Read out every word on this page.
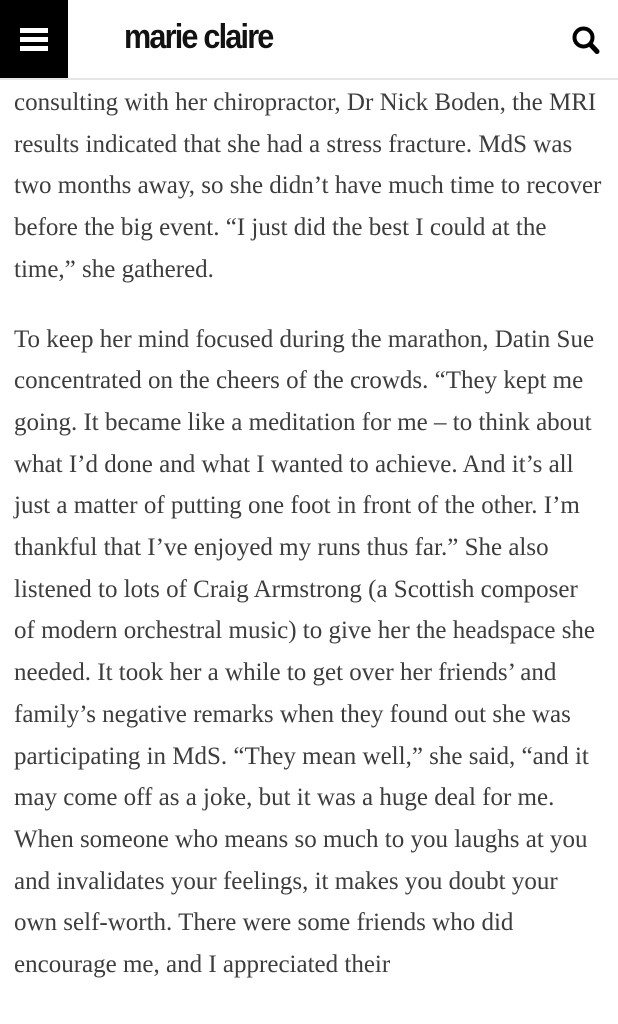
marie claire

consulting with her chiropractor, Dr Nick Boden, the MRI results indicated that she had a stress fracture. MdS was two months away, so she didn’t have much time to recover before the big event. “I just did the best I could at the time,” she gathered.

To keep her mind focused during the marathon, Datin Sue concentrated on the cheers of the crowds. “They kept me going. It became like a meditation for me – to think about what I’d done and what I wanted to achieve. And it’s all just a matter of putting one foot in front of the other. I’m thankful that I’ve enjoyed my runs thus far.” She also listened to lots of Craig Armstrong (a Scottish composer of modern orchestral music) to give her the headspace she needed. It took her a while to get over her friends’ and family’s negative remarks when they found out she was participating in MdS. “They mean well,” she said, “and it may come off as a joke, but it was a huge deal for me. When someone who means so much to you laughs at you and invalidates your feelings, it makes you doubt your own self-worth. There were some friends who did encourage me, and I appreciated their
